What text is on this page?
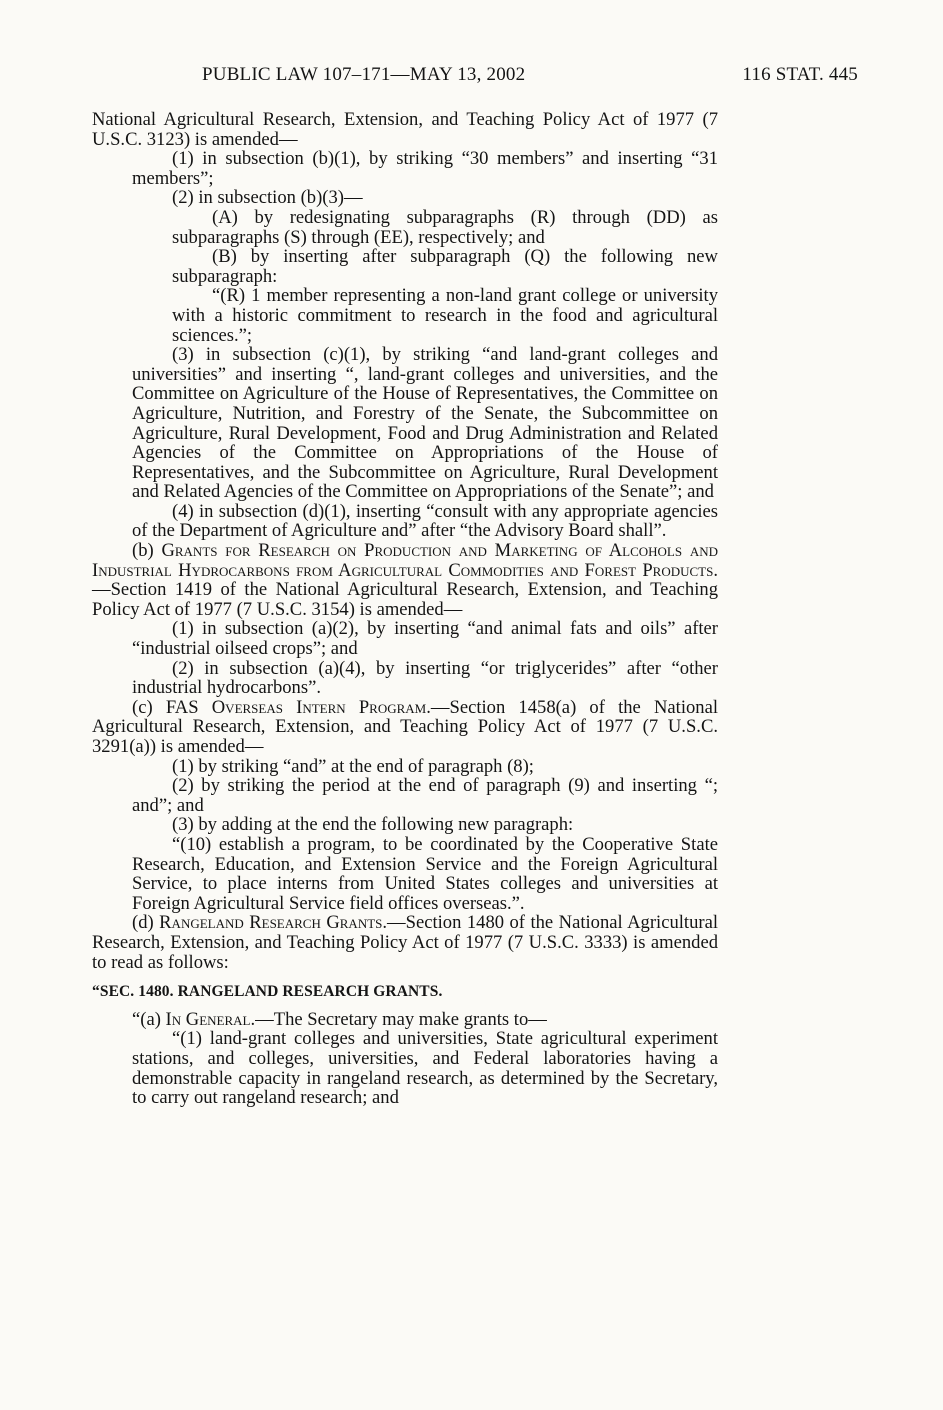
PUBLIC LAW 107–171—MAY 13, 2002	116 STAT. 445

National Agricultural Research, Extension, and Teaching Policy Act of 1977 (7 U.S.C. 3123) is amended—

(1) in subsection (b)(1), by striking “30 members” and inserting “31 members”;

(2) in subsection (b)(3)—

(A) by redesignating subparagraphs (R) through (DD) as subparagraphs (S) through (EE), respectively; and

(B) by inserting after subparagraph (Q) the following new subparagraph:

“(R) 1 member representing a non-land grant college or university with a historic commitment to research in the food and agricultural sciences.”;

(3) in subsection (c)(1), by striking “and land-grant colleges and universities” and inserting “, land-grant colleges and universities, and the Committee on Agriculture of the House of Representatives, the Committee on Agriculture, Nutrition, and Forestry of the Senate, the Subcommittee on Agriculture, Rural Development, Food and Drug Administration and Related Agencies of the Committee on Appropriations of the House of Representatives, and the Subcommittee on Agriculture, Rural Development and Related Agencies of the Committee on Appropriations of the Senate”; and

(4) in subsection (d)(1), inserting “consult with any appropriate agencies of the Department of Agriculture and” after “the Advisory Board shall”.

(b) Grants for Research on Production and Marketing of Alcohols and Industrial Hydrocarbons from Agricultural Commodities and Forest Products.—Section 1419 of the National Agricultural Research, Extension, and Teaching Policy Act of 1977 (7 U.S.C. 3154) is amended—

(1) in subsection (a)(2), by inserting “and animal fats and oils” after “industrial oilseed crops”; and

(2) in subsection (a)(4), by inserting “or triglycerides” after “other industrial hydrocarbons”.

(c) FAS Overseas Intern Program.—Section 1458(a) of the National Agricultural Research, Extension, and Teaching Policy Act of 1977 (7 U.S.C. 3291(a)) is amended—

(1) by striking “and” at the end of paragraph (8);

(2) by striking the period at the end of paragraph (9) and inserting “; and”; and

(3) by adding at the end the following new paragraph:

“(10) establish a program, to be coordinated by the Cooperative State Research, Education, and Extension Service and the Foreign Agricultural Service, to place interns from United States colleges and universities at Foreign Agricultural Service field offices overseas.”.

(d) Rangeland Research Grants.—Section 1480 of the National Agricultural Research, Extension, and Teaching Policy Act of 1977 (7 U.S.C. 3333) is amended to read as follows:

“SEC. 1480. RANGELAND RESEARCH GRANTS.

“(a) In General.—The Secretary may make grants to—

“(1) land-grant colleges and universities, State agricultural experiment stations, and colleges, universities, and Federal laboratories having a demonstrable capacity in rangeland research, as determined by the Secretary, to carry out rangeland research; and
